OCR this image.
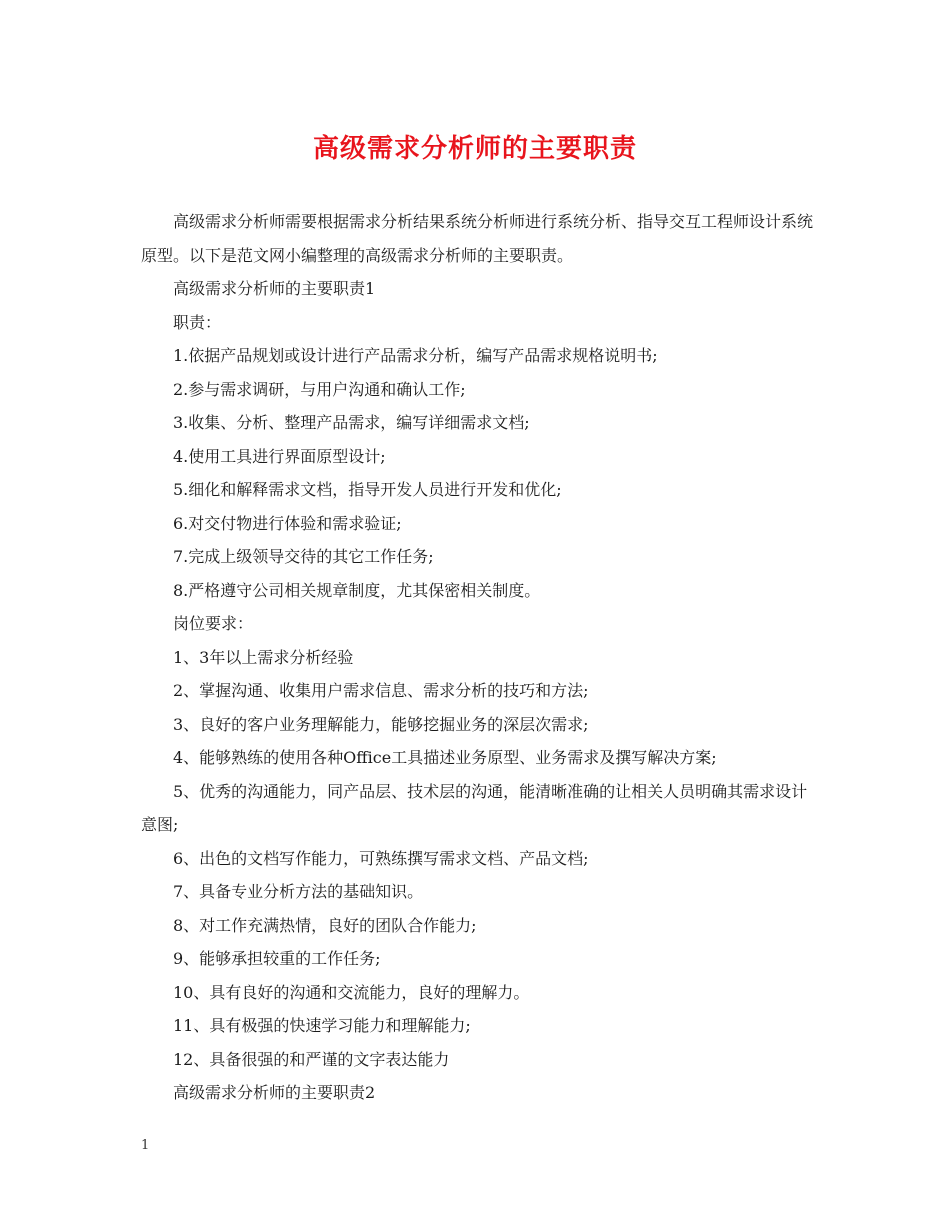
高级需求分析师的主要职责

高级需求分析师需要根据需求分析结果系统分析师进行系统分析、指导交互工程师设计系统原型。以下是范文网小编整理的高级需求分析师的主要职责。

高级需求分析师的主要职责1

职责：

1.依据产品规划或设计进行产品需求分析，编写产品需求规格说明书;

2.参与需求调研，与用户沟通和确认工作;

3.收集、分析、整理产品需求，编写详细需求文档;

4.使用工具进行界面原型设计;

5.细化和解释需求文档，指导开发人员进行开发和优化;

6.对交付物进行体验和需求验证;

7.完成上级领导交待的其它工作任务;

8.严格遵守公司相关规章制度，尤其保密相关制度。

岗位要求：

1、3年以上需求分析经验

2、掌握沟通、收集用户需求信息、需求分析的技巧和方法;

3、良好的客户业务理解能力，能够挖掘业务的深层次需求;

4、能够熟练的使用各种Office工具描述业务原型、业务需求及撰写解决方案;

5、优秀的沟通能力，同产品层、技术层的沟通，能清晰准确的让相关人员明确其需求设计意图;

6、出色的文档写作能力，可熟练撰写需求文档、产品文档;

7、具备专业分析方法的基础知识。

8、对工作充满热情，良好的团队合作能力;

9、能够承担较重的工作任务;

10、具有良好的沟通和交流能力，良好的理解力。

11、具有极强的快速学习能力和理解能力;

12、具备很强的和严谨的文字表达能力

高级需求分析师的主要职责2

1
